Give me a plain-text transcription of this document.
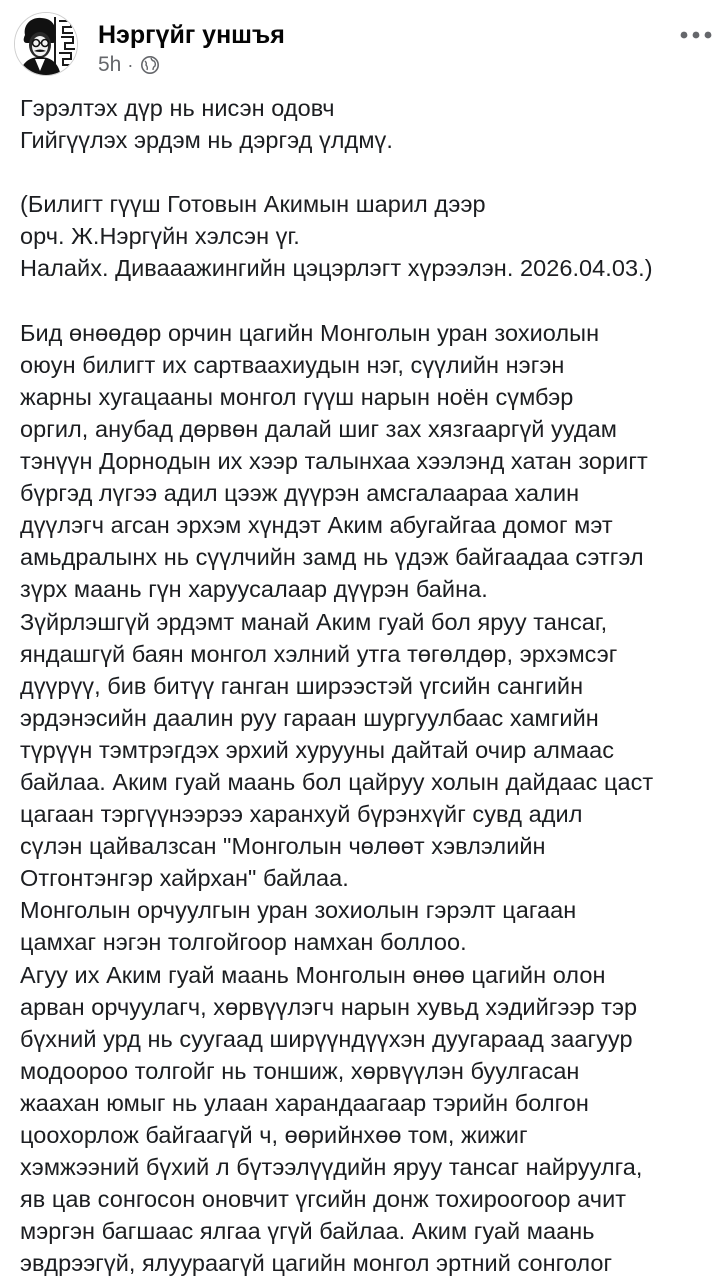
Нэргүйг уншъя
5h ·
Гэрэлтэх дүр нь нисэн одовч
Гийгүүлэх эрдэм нь дэргэд үлдмү.
(Билигт гүүш Готовын Акимын шарил дээр
орч. Ж.Нэргүйн хэлсэн үг.
Налайх. Дивааажингийн цэцэрлэгт хүрээлэн. 2026.04.03.)
Бид өнөөдөр орчин цагийн Монголын уран зохиолын
оюун билигт их сартваахиудын нэг, сүүлийн нэгэн
жарны хугацааны монгол гүүш нарын ноён сүмбэр
оргил, анубад дөрвөн далай шиг зах хязгааргүй уудам
тэнүүн Дорнодын их хээр талынхаа хээлэнд хатан зоригт
бүргэд лүгээ адил цээж дүүрэн амсгалаараа халин
дүүлэгч агсан эрхэм хүндэт Аким абугайгаа домог мэт
амьдралынх нь сүүлчийн замд нь үдэж байгаадаа сэтгэл
зүрх маань гүн харуусалаар дүүрэн байна.
Зүйрлэшгүй эрдэмт манай Аким гуай бол яруу тансаг,
яндашгүй баян монгол хэлний утга төгөлдөр, эрхэмсэг
дүүрүү, бив битүү ганган ширээстэй үгсийн сангийн
эрдэнэсийн даалин руу гараан шургуулбаас хамгийн
түрүүн тэмтрэгдэх эрхий хурууны дайтай очир алмаас
байлаа. Аким гуай маань бол цайруу холын дайдаас цаст
цагаан тэргүүнээрээ харанхуй бүрэнхүйг сувд адил
сүлэн цайвалзсан "Монголын чөлөөт хэвлэлийн
Отгонтэнгэр хайрхан" байлаа.
Монголын орчуулгын уран зохиолын гэрэлт цагаан
цамхаг нэгэн толгойгоор намхан боллоо.
Агуу их Аким гуай маань Монголын өнөө цагийн олон
арван орчуулагч, хөрвүүлэгч нарын хувьд хэдийгээр тэр
бүхний урд нь суугаад ширүүндүүхэн дуугараад заагуур
модоороо толгойг нь тоншиж, хөрвүүлэн буулгасан
жаахан юмыг нь улаан харандаагаар тэрийн болгон
цоохорлож байгаагүй ч, өөрийнхөө том, жижиг
хэмжээний бүхий л бүтээлүүдийн яруу тансаг найруулга,
яв цав сонгосон оновчит үгсийн донж тохироогоор ачит
мэргэн багшаас ялгаа үгүй байлаа. Аким гуай маань
эвдрээгүй, ялуураагүй цагийн монгол эртний сонголог
